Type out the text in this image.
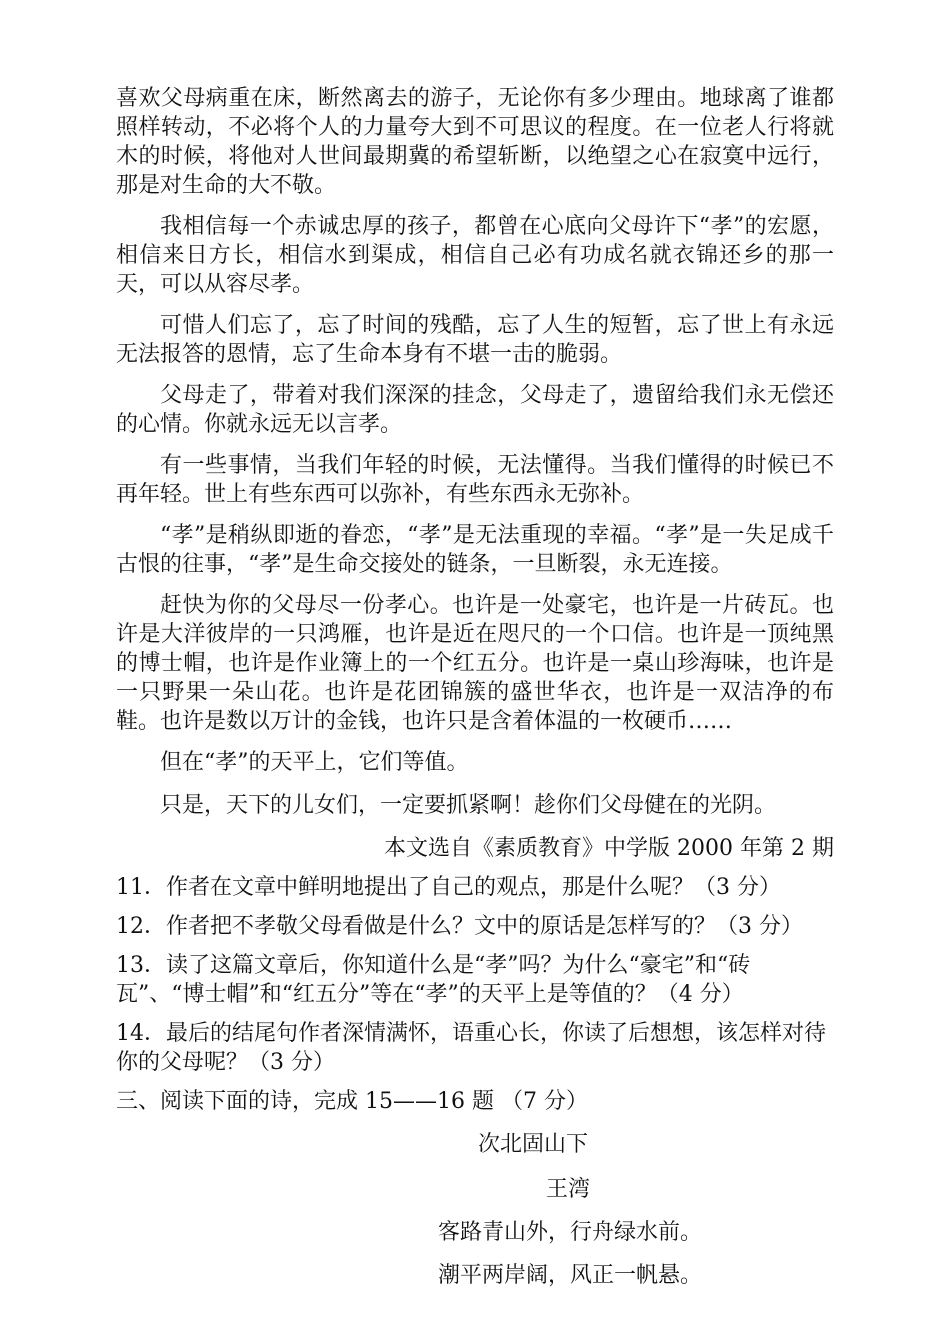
喜欢父母病重在床，断然离去的游子，无论你有多少理由。地球离了谁都照样转动，不必将个人的力量夸大到不可思议的程度。在一位老人行将就木的时候，将他对人世间最期冀的希望斩断，以绝望之心在寂寞中远行，那是对生命的大不敬。

我相信每一个赤诚忠厚的孩子，都曾在心底向父母许下“孝”的宏愿，相信来日方长，相信水到渠成，相信自己必有功成名就衣锦还乡的那一天，可以从容尽孝。

可惜人们忘了，忘了时间的残酷，忘了人生的短暂，忘了世上有永远无法报答的恩情，忘了生命本身有不堪一击的脆弱。

父母走了，带着对我们深深的挂念，父母走了，遗留给我们永无偿还的心情。你就永远无以言孝。

有一些事情，当我们年轻的时候，无法懂得。当我们懂得的时候已不再年轻。世上有些东西可以弥补，有些东西永无弥补。

“孝”是稍纵即逝的眷恋，“孝”是无法重现的幸福。“孝”是一失足成千古恨的往事，“孝”是生命交接处的链条，一旦断裂，永无连接。

赶快为你的父母尽一份孝心。也许是一处豪宅，也许是一片砖瓦。也许是大洋彼岸的一只鸿雁，也许是近在咫尺的一个口信。也许是一顶纯黑的博士帽，也许是作业簿上的一个红五分。也许是一桌山珍海味，也许是一只野果一朵山花。也许是花团锦簇的盛世华衣，也许是一双洁净的布鞋。也许是数以万计的金钱，也许只是含着体温的一枚硬币……

但在“孝”的天平上，它们等值。

只是，天下的儿女们，一定要抓紧啊！趁你们父母健在的光阴。

本文选自《素质教育》中学版 2000 年第 2 期

11．作者在文章中鲜明地提出了自己的观点，那是什么呢？（3 分）

12．作者把不孝敬父母看做是什么？文中的原话是怎样写的？（3 分）

13．读了这篇文章后，你知道什么是“孝”吗？为什么“豪宅”和“砖瓦”、“博士帽”和“红五分”等在“孝”的天平上是等值的？（4 分）

14．最后的结尾句作者深情满怀，语重心长，你读了后想想，该怎样对待你的父母呢？（3 分）

三、阅读下面的诗，完成 15——16 题 （7 分）

次北固山下

王湾

客路青山外，行舟绿水前。

潮平两岸阔，风正一帆悬。
